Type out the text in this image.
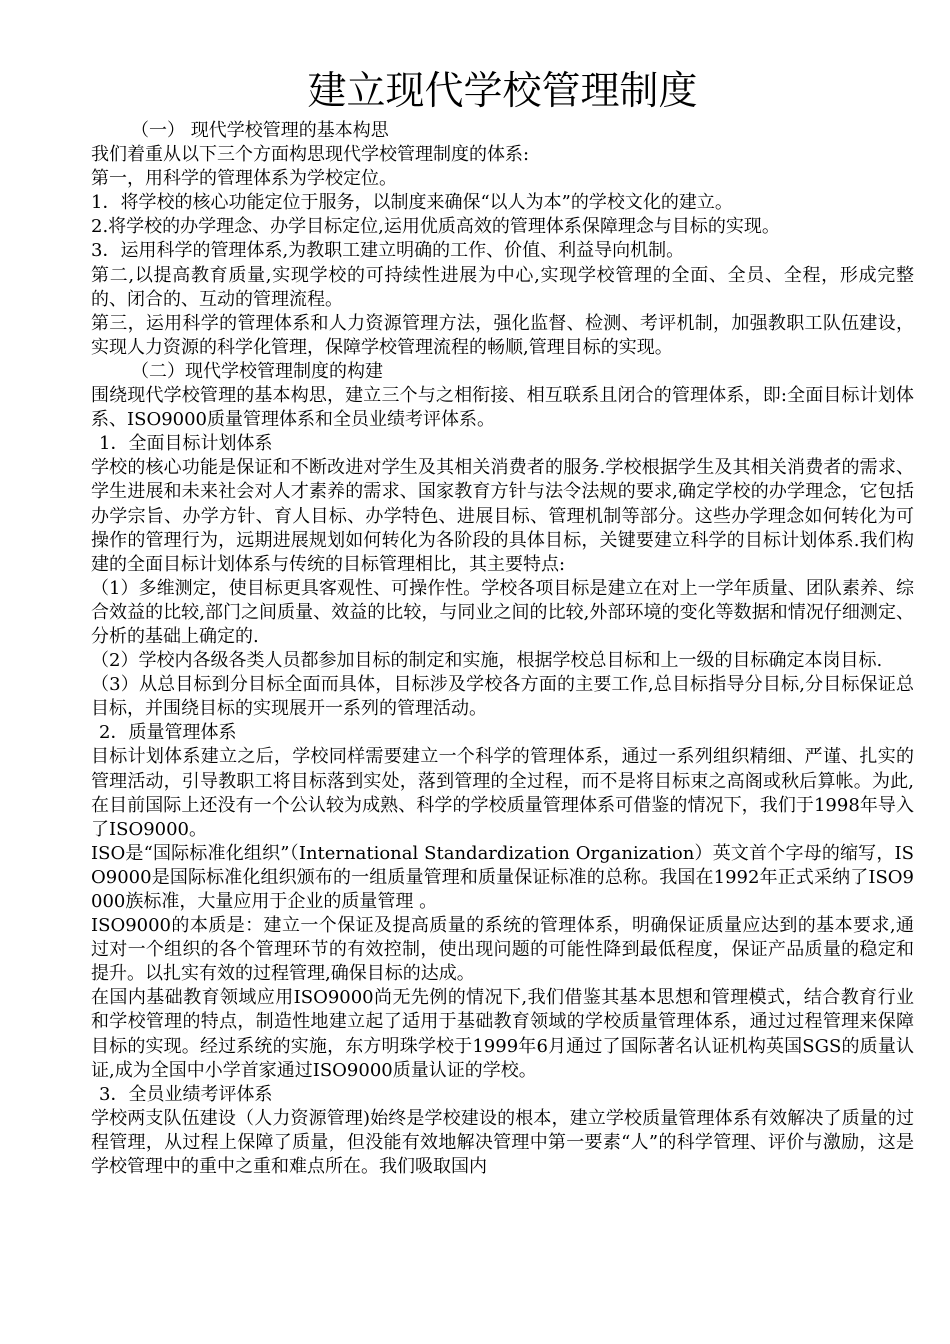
建立现代学校管理制度

（一） 现代学校管理的基本构思

我们着重从以下三个方面构思现代学校管理制度的体系:

第一，用科学的管理体系为学校定位。

1．将学校的核心功能定位于服务，以制度来确保“以人为本”的学校文化的建立。

2.将学校的办学理念、办学目标定位,运用优质高效的管理体系保障理念与目标的实现。

3．运用科学的管理体系,为教职工建立明确的工作、价值、利益导向机制。

第二,以提高教育质量,实现学校的可持续性进展为中心,实现学校管理的全面、全员、全程，形成完整的、闭合的、互动的管理流程。

第三，运用科学的管理体系和人力资源管理方法，强化监督、检测、考评机制，加强教职工队伍建设，实现人力资源的科学化管理，保障学校管理流程的畅顺,管理目标的实现。

（二）现代学校管理制度的构建

围绕现代学校管理的基本构思，建立三个与之相衔接、相互联系且闭合的管理体系，即:全面目标计划体系、ISO9000质量管理体系和全员业绩考评体系。

1．全面目标计划体系

学校的核心功能是保证和不断改进对学生及其相关消费者的服务.学校根据学生及其相关消费者的需求、学生进展和未来社会对人才素养的需求、国家教育方针与法令法规的要求,确定学校的办学理念，它包括办学宗旨、办学方针、育人目标、办学特色、进展目标、管理机制等部分。这些办学理念如何转化为可操作的管理行为，远期进展规划如何转化为各阶段的具体目标，关键要建立科学的目标计划体系.我们构建的全面目标计划体系与传统的目标管理相比，其主要特点:

（1）多维测定，使目标更具客观性、可操作性。学校各项目标是建立在对上一学年质量、团队素养、综合效益的比较,部门之间质量、效益的比较，与同业之间的比较,外部环境的变化等数据和情况仔细测定、分析的基础上确定的.

（2）学校内各级各类人员都参加目标的制定和实施，根据学校总目标和上一级的目标确定本岗目标.

（3）从总目标到分目标全面而具体，目标涉及学校各方面的主要工作,总目标指导分目标,分目标保证总目标，并围绕目标的实现展开一系列的管理活动。

2．质量管理体系

目标计划体系建立之后，学校同样需要建立一个科学的管理体系，通过一系列组织精细、严谨、扎实的管理活动，引导教职工将目标落到实处，落到管理的全过程，而不是将目标束之高阁或秋后算帐。为此,在目前国际上还没有一个公认较为成熟、科学的学校质量管理体系可借鉴的情况下，我们于1998年导入了ISO9000。

ISO是“国际标准化组织”（International Standardization Organization）英文首个字母的缩写，ISO9000是国际标准化组织颁布的一组质量管理和质量保证标准的总称。我国在1992年正式采纳了ISO9000族标准，大量应用于企业的质量管理 。

ISO9000的本质是：建立一个保证及提高质量的系统的管理体系，明确保证质量应达到的基本要求,通过对一个组织的各个管理环节的有效控制，使出现问题的可能性降到最低程度，保证产品质量的稳定和提升。以扎实有效的过程管理,确保目标的达成。

在国内基础教育领域应用ISO9000尚无先例的情况下,我们借鉴其基本思想和管理模式，结合教育行业和学校管理的特点，制造性地建立起了适用于基础教育领域的学校质量管理体系，通过过程管理来保障目标的实现。经过系统的实施，东方明珠学校于1999年6月通过了国际著名认证机构英国SGS的质量认证,成为全国中小学首家通过ISO9000质量认证的学校。

3．全员业绩考评体系

学校两支队伍建设（人力资源管理)始终是学校建设的根本，建立学校质量管理体系有效解决了质量的过程管理，从过程上保障了质量，但没能有效地解决管理中第一要素“人”的科学管理、评价与激励，这是学校管理中的重中之重和难点所在。我们吸取国内
